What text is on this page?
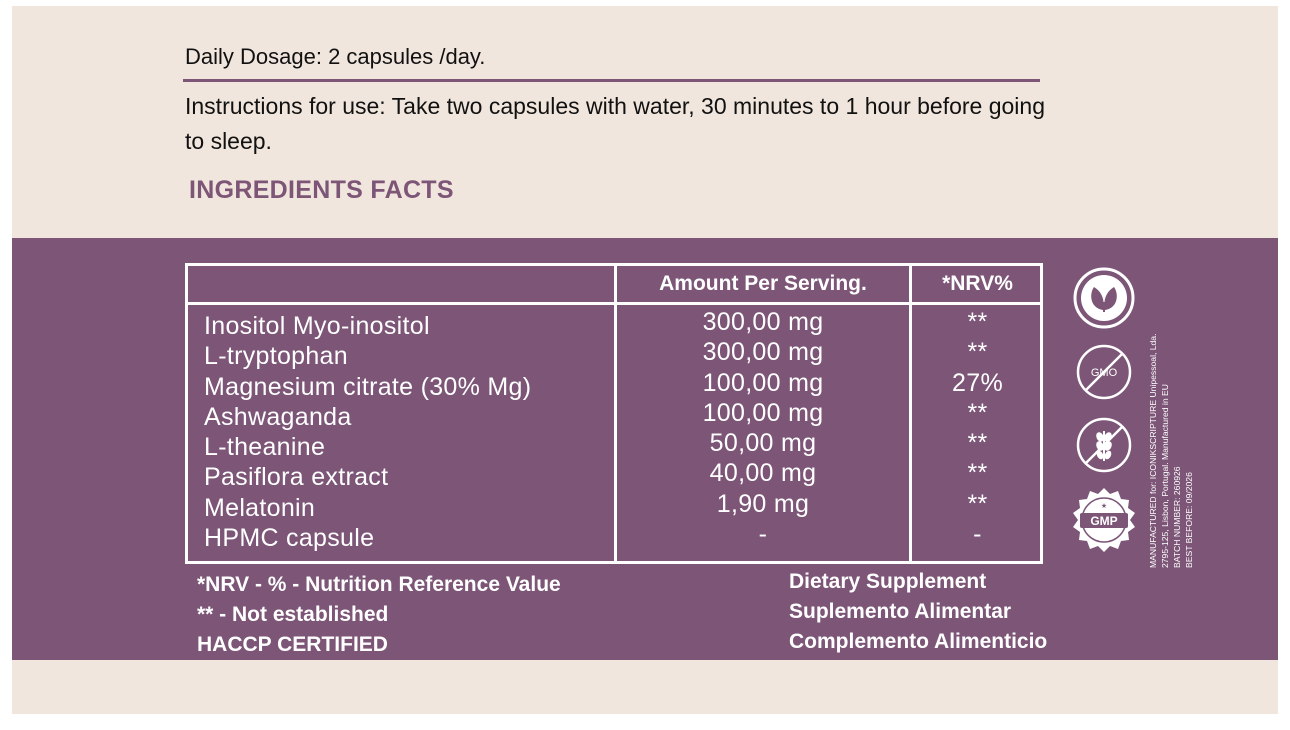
Daily Dosage: 2 capsules /day.
Instructions for use: Take two capsules with water, 30 minutes to 1 hour before going to sleep.
INGREDIENTS FACTS
Amount Per Serving.	*NRV%
Inositol Myo-inositol
L-tryptophan
Magnesium citrate (30% Mg)
Ashwaganda
L-theanine
Pasiflora extract
Melatonin
HPMC capsule
300,00 mg
300,00 mg
100,00 mg
100,00 mg
50,00 mg
40,00 mg
1,90 mg
-
**
**
27%
**
**
**
**
-
*NRV - % - Nutrition Reference Value
** - Not established
HACCP CERTIFIED
Dietary Supplement
Suplemento Alimentar
Complemento Alimenticio
GMO
GMP
★	MANUFACTURED for: ICONIKSCRIPTURE Unipessoal, Lda. 2795-125, Lisbon, Portugal. Manufactured in EU BATCH NUMBER: 260926 BEST BEFORE: 09/2026
